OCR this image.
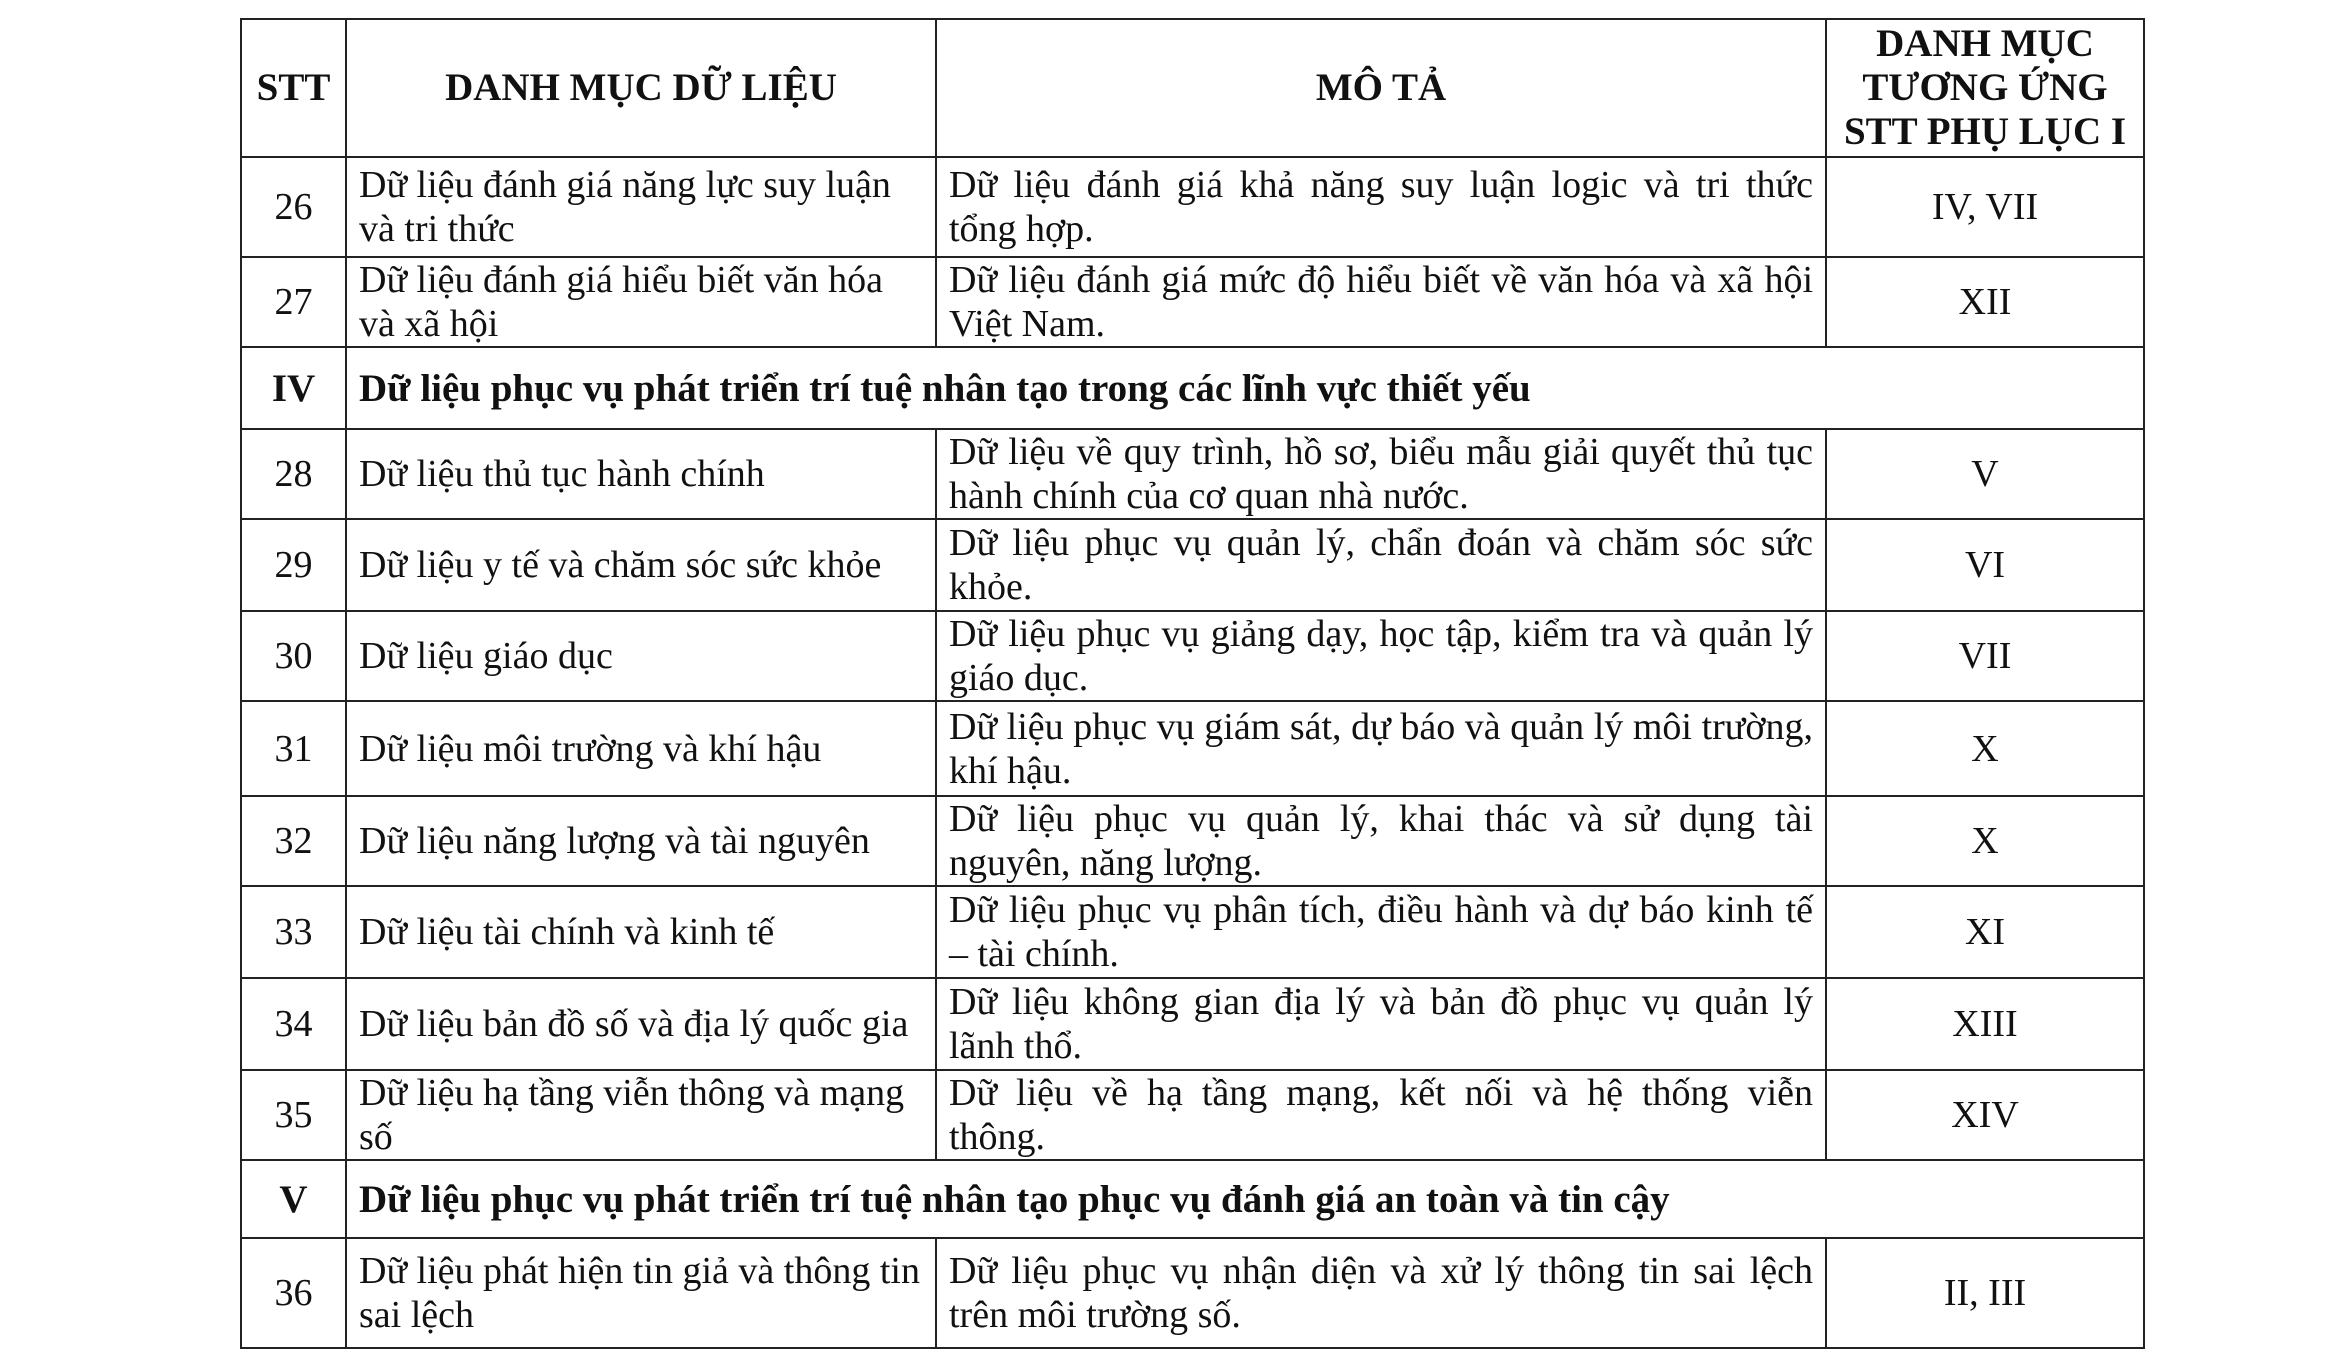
STT	DANH MỤC DỮ LIỆU	MÔ TẢ	DANH MỤC
TƯƠNG ỨNG
STT PHỤ LỤC I

26	Dữ liệu đánh giá năng lực suy luận và tri thức	Dữ liệu đánh giá khả năng suy luận logic và tri thức tổng hợp.	IV, VII
27	Dữ liệu đánh giá hiểu biết văn hóa và xã hội	Dữ liệu đánh giá mức độ hiểu biết về văn hóa và xã hội Việt Nam.	XII
IV	Dữ liệu phục vụ phát triển trí tuệ nhân tạo trong các lĩnh vực thiết yếu		
28	Dữ liệu thủ tục hành chính	Dữ liệu về quy trình, hồ sơ, biểu mẫu giải quyết thủ tục hành chính của cơ quan nhà nước.	V
29	Dữ liệu y tế và chăm sóc sức khỏe	Dữ liệu phục vụ quản lý, chẩn đoán và chăm sóc sức khỏe.	VI
30	Dữ liệu giáo dục	Dữ liệu phục vụ giảng dạy, học tập, kiểm tra và quản lý giáo dục.	VII
31	Dữ liệu môi trường và khí hậu	Dữ liệu phục vụ giám sát, dự báo và quản lý môi trường, khí hậu.	X
32	Dữ liệu năng lượng và tài nguyên	Dữ liệu phục vụ quản lý, khai thác và sử dụng tài nguyên, năng lượng.	X
33	Dữ liệu tài chính và kinh tế	Dữ liệu phục vụ phân tích, điều hành và dự báo kinh tế – tài chính.	XI
34	Dữ liệu bản đồ số và địa lý quốc gia	Dữ liệu không gian địa lý và bản đồ phục vụ quản lý lãnh thổ.	XIII
35	Dữ liệu hạ tầng viễn thông và mạng số	Dữ liệu về hạ tầng mạng, kết nối và hệ thống viễn thông.	XIV
V	Dữ liệu phục vụ phát triển trí tuệ nhân tạo phục vụ đánh giá an toàn và tin cậy		
36	Dữ liệu phát hiện tin giả và thông tin sai lệch	Dữ liệu phục vụ nhận diện và xử lý thông tin sai lệch trên môi trường số.	II, III
